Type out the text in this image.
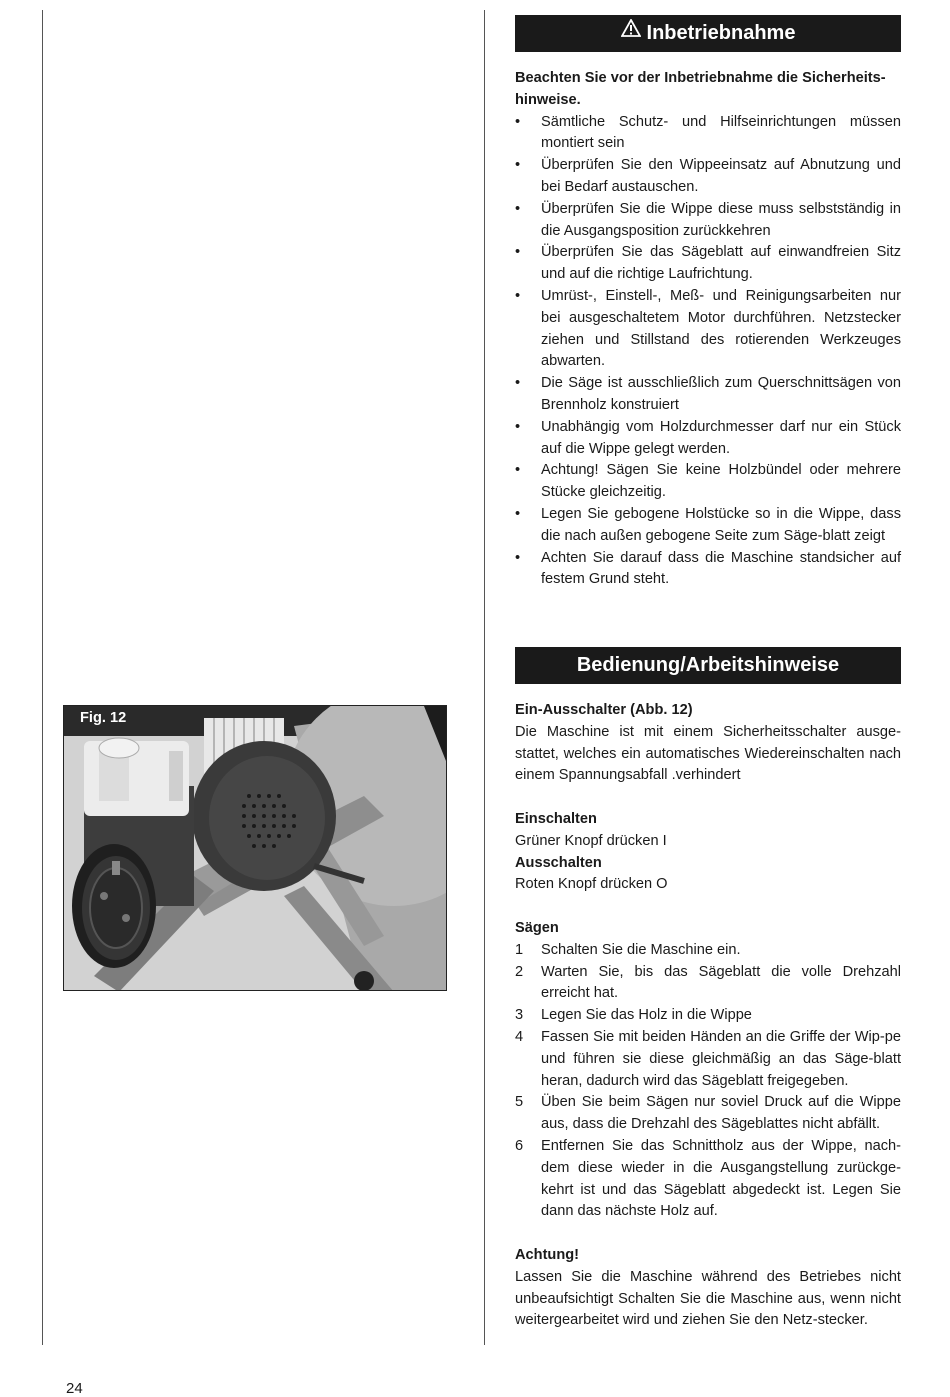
Fig. 12
Inbetriebnahme

Beachten Sie vor der Inbetriebnahme die Sicherheits-hinweise.

• Sämtliche Schutz- und Hilfseinrichtungen müssen montiert sein
• Überprüfen Sie den Wippeeinsatz auf Abnutzung und bei Bedarf austauschen.
• Überprüfen Sie die Wippe diese muss selbstständig in die Ausgangsposition zurückkehren
• Überprüfen Sie das Sägeblatt auf einwandfreien Sitz und auf die richtige Laufrichtung.
• Umrüst-, Einstell-, Meß- und Reinigungsarbeiten nur bei ausgeschaltetem Motor durchführen. Netzstecker ziehen und Stillstand des rotierenden Werkzeuges abwarten.
• Die Säge ist ausschließlich zum Querschnittsägen von Brennholz konstruiert
• Unabhängig vom Holzdurchmesser darf nur ein Stück auf die Wippe gelegt werden.
• Achtung! Sägen Sie keine Holzbündel oder mehrere Stücke gleichzeitig.
• Legen Sie gebogene Holstücke so in die Wippe, dass die nach außen gebogene Seite zum Säge-blatt zeigt
• Achten Sie darauf dass die Maschine standsicher auf festem Grund steht.
Bedienung/Arbeitshinweise

Ein-Ausschalter (Abb. 12)

Die Maschine ist mit einem Sicherheitsschalter ausge-stattet, welches ein automatisches Wiedereinschalten nach einem Spannungsabfall .verhindert

Einschalten

Grüner Knopf drücken I

Ausschalten

Roten Knopf drücken O

Sägen

1 Schalten Sie die Maschine ein.
2 Warten Sie, bis das Sägeblatt die volle Drehzahl erreicht hat.
3 Legen Sie das Holz in die Wippe
4 Fassen Sie mit beiden Händen an die Griffe der Wip-pe und führen sie diese gleichmäßig an das Säge-blatt heran, dadurch wird das Sägeblatt freigegeben.
5 Üben Sie beim Sägen nur soviel Druck auf die Wippe aus, dass die Drehzahl des Sägeblattes nicht abfällt.
6 Entfernen Sie das Schnittholz aus der Wippe, nach-dem diese wieder in die Ausgangstellung zurückge-kehrt ist und das Sägeblatt abgedeckt ist. Legen Sie dann das nächste Holz auf.

Achtung!

Lassen Sie die Maschine während des Betriebes nicht unbeaufsichtigt Schalten Sie die Maschine aus, wenn nicht weitergearbeitet wird und ziehen Sie den Netz-stecker.

24
